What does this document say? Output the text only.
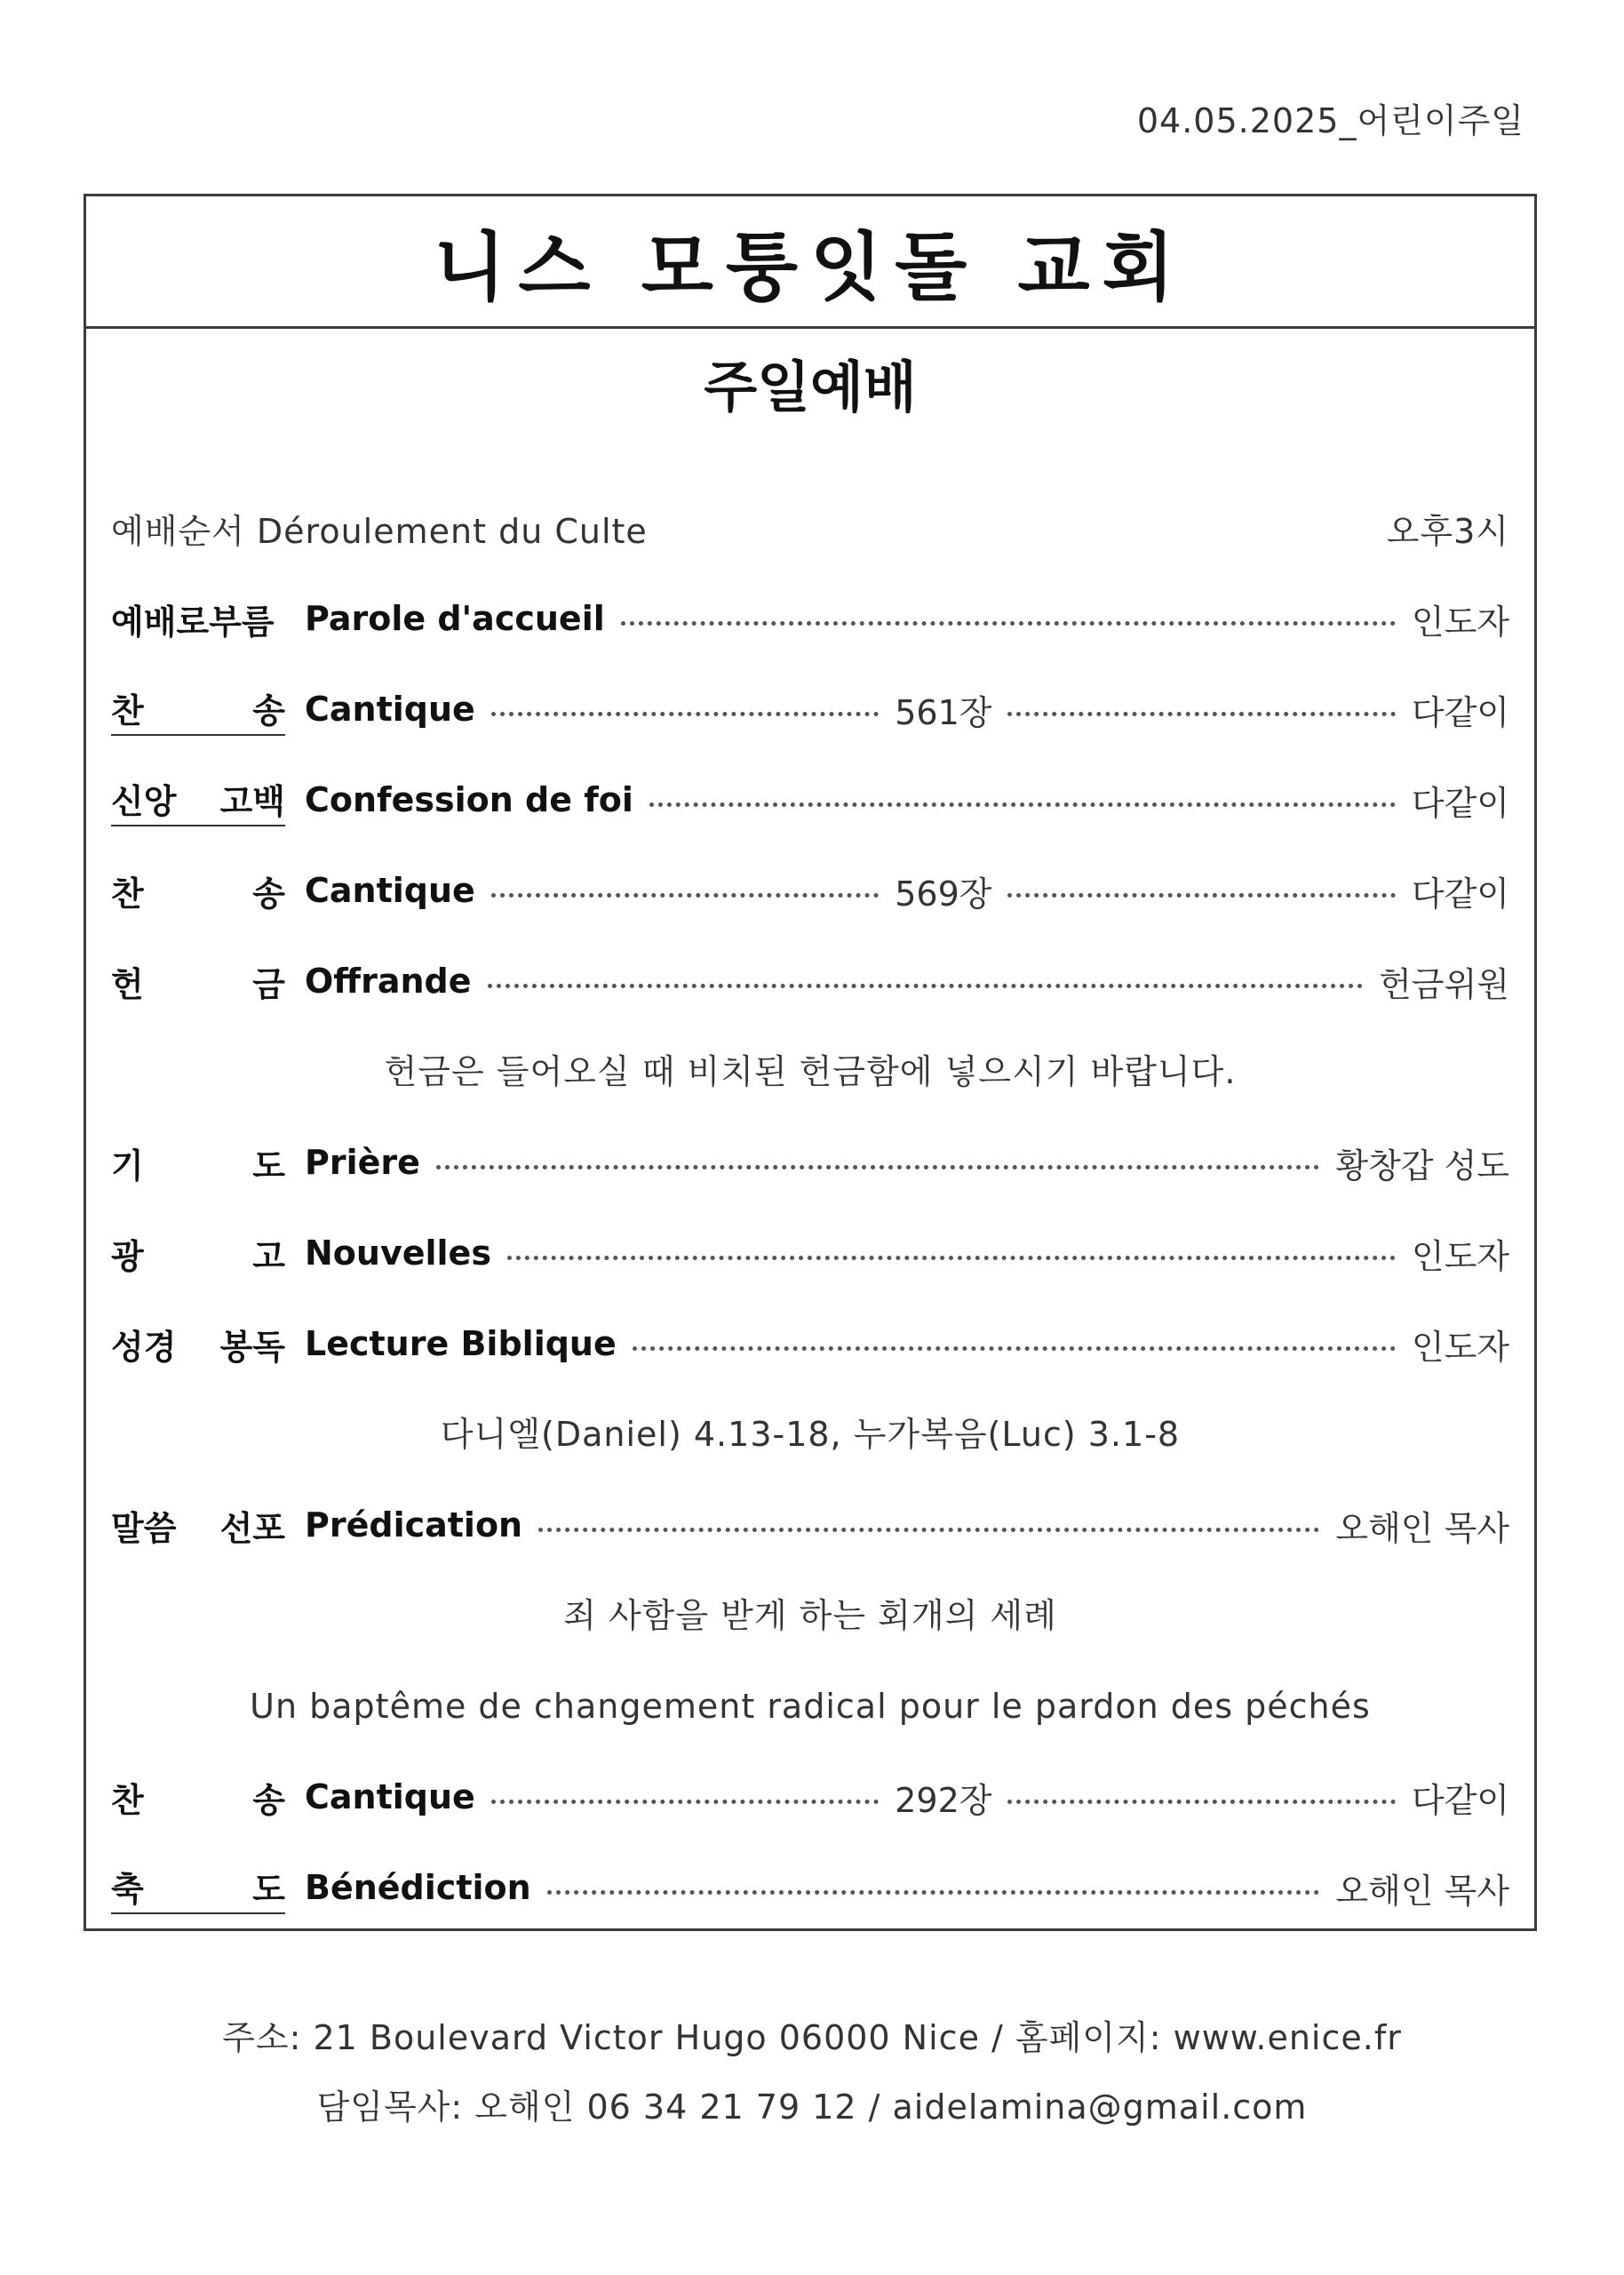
04.05.2025_어린이주일
니스 모퉁잇돌 교회
주일예배
예배순서 Déroulement du Culte	오후3시
예배로부름 Parole d'accueil	인도자
찬	송 Cantique	561장	다같이
신앙 고백 Confession de foi	다같이
찬	송 Cantique	569장	다같이
헌	금 Offrande	헌금위원
헌금은 들어오실 때 비치된 헌금함에 넣으시기 바랍니다.
기	도 Prière	황창갑 성도
광	고 Nouvelles	인도자
성경 봉독 Lecture Biblique	인도자
다니엘(Daniel) 4.13-18, 누가복음(Luc) 3.1-8
말씀 선포 Prédication	오해인 목사
죄 사함을 받게 하는 회개의 세례
Un baptême de changement radical pour le pardon des péchés
찬	송 Cantique	292장	다같이
축	도 Bénédiction	오해인 목사
주소: 21 Boulevard Victor Hugo 06000 Nice / 홈페이지: www.enice.fr
담임목사: 오해인 06 34 21 79 12 / aidelamina@gmail.com
